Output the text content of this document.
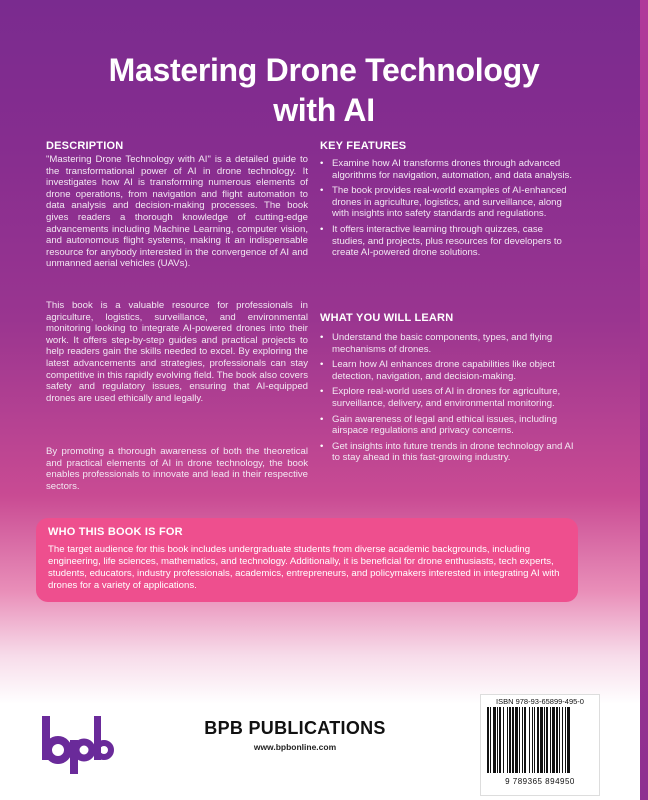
Mastering Drone Technology
with AI
DESCRIPTION

"Mastering Drone Technology with AI" is a detailed guide to the transformational power of AI in drone technology. It investigates how AI is transforming numerous elements of drone operations, from navigation and flight automation to data analysis and decision-making processes. The book gives readers a thorough knowledge of cutting-edge advancements including Machine Learning, computer vision, and autonomous flight systems, making it an indispensable resource for anybody interested in the convergence of AI and unmanned aerial vehicles (UAVs).

This book is a valuable resource for professionals in agriculture, logistics, surveillance, and environmental monitoring looking to integrate AI-powered drones into their work. It offers step-by-step guides and practical projects to help readers gain the skills needed to excel. By exploring the latest advancements and strategies, professionals can stay competitive in this rapidly evolving field. The book also covers safety and regulatory issues, ensuring that AI-equipped drones are used ethically and legally.

By promoting a thorough awareness of both the theoretical and practical elements of AI in drone technology, the book enables professionals to innovate and lead in their respective sectors.

KEY FEATURES
• Examine how AI transforms drones through advanced algorithms for navigation, automation, and data analysis.
• The book provides real-world examples of AI-enhanced drones in agriculture, logistics, and surveillance, along with insights into safety standards and regulations.
• It offers interactive learning through quizzes, case studies, and projects, plus resources for developers to create AI-powered drone solutions.
WHAT YOU WILL LEARN
• Understand the basic components, types, and flying mechanisms of drones.
• Learn how AI enhances drone capabilities like object detection, navigation, and decision-making.
• Explore real-world uses of AI in drones for agriculture, surveillance, delivery, and environmental monitoring.
• Gain awareness of legal and ethical issues, including airspace regulations and privacy concerns.
• Get insights into future trends in drone technology and AI to stay ahead in this fast-growing industry.
WHO THIS BOOK IS FOR

The target audience for this book includes undergraduate students from diverse academic backgrounds, including engineering, life sciences, mathematics, and technology. Additionally, it is beneficial for drone enthusiasts, tech experts, students, educators, industry professionals, academics, entrepreneurs, and policymakers interested in integrating AI with drones for a variety of applications.

BPB PUBLICATIONS
www.bpbonline.com
ISBN 978-93-65899-495-0
9 789365 894950
